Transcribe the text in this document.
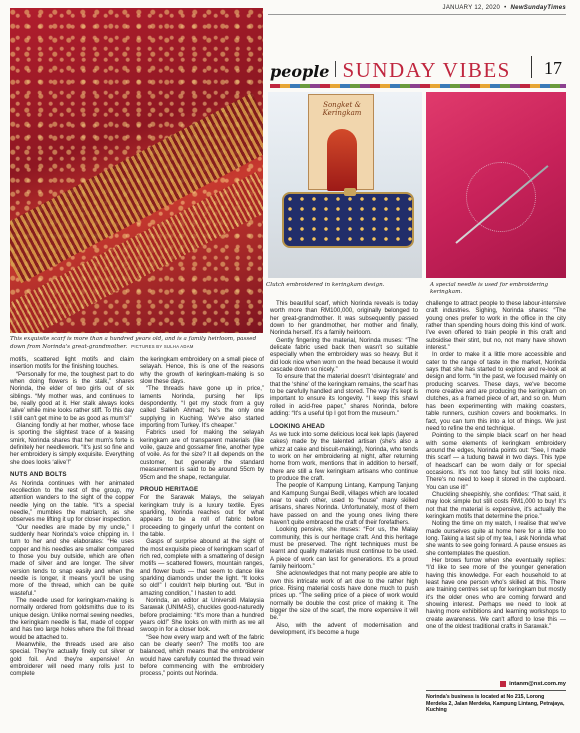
JANUARY 12, 2020 • NewSundayTimes
people SUNDAY VIBES 17
Songket & Keringkam
Clutch embroidered in keringkam design.	A special needle is used for embroidering keringkam.
This exquisite scarf is more than a hundred years old, and is a family heirloom, passed down from Norinda's great-grandmother. PICTURES BY SULHA ADAM

motifs, scattered light motifs and claim insertion motifs for the finishing touches.

“Personally for me, the toughest part to do when doing flowers is the stalk,” shares Norinda, the elder of two girls out of six siblings. “My mother was, and continues to be, really good at it. Her stalk always looks ‘alive’ while mine looks rather stiff. To this day I still can't get mine to be as good as mum's!”

Glancing fondly at her mother, whose face is sporting the slightest trace of a teasing smirk, Norinda shares that her mum's forte is definitely her needlework. “It's just so fine and her embroidery is simply exquisite. Everything she does looks ‘alive’!”

NUTS AND BOLTS

As Norinda continues with her animated recollection to the rest of the group, my attention wanders to the sight of the copper needle lying on the table. “It's a special needle,” mumbles the matriarch, as she observes me lifting it up for closer inspection.

“Our needles are made by my uncle,” I suddenly hear Norinda's voice chipping in. I turn to her and she elaborates: “He uses copper and his needles are smaller compared to those you buy outside, which are often made of silver and are longer. The silver version tends to snap easily and when the needle is longer, it means you'll be using more of the thread, which can be quite wasteful.”

The needle used for keringkam-making is normally ordered from goldsmiths due to its unique design. Unlike normal sewing needles, the keringkam needle is flat, made of copper and has two large holes where the foil thread would be attached to.

Meanwhile, the threads used are also special. They're actually finely cut silver or gold foil. And they're expensive! An embroiderer will need many rolls just to complete

the keringkam embroidery on a small piece of selayah. Hence, this is one of the reasons why the growth of keringkam-making is so slow these days.

“The threads have gone up in price,” laments Norinda, pursing her lips despondently. “I get my stock from a guy called Sallieh Ahmad; he's the only one supplying in Kuching. We've also started importing from Turkey. It's cheaper.”

Fabrics used for making the selayah keringkam are of transparent materials (like voile, gauze and gossamer fine, another type of voile. As for the size? It all depends on the customer, but generally the standard measurement is said to be around 55cm by 95cm and the shape, rectangular.

PROUD HERITAGE

For the Sarawak Malays, the selayah keringkam truly is a luxury textile. Eyes sparkling, Norinda reaches out for what appears to be a roll of fabric before proceeding to gingerly unfurl the content on the table.

Gasps of surprise abound at the sight of the most exquisite piece of keringkam scarf of rich red, complete with a smattering of design motifs — scattered flowers, mountain ranges, and flower buds — that seem to dance like sparkling diamonds under the light. “It looks so old!” I couldn't help blurting out. “But in amazing condition,” I hasten to add.

Norinda, an editor at Universiti Malaysia Sarawak (UNIMAS), chuckles good-naturedly before proclaiming: “It's more than a hundred years old!” She looks on with mirth as we all swoop in for a closer look.

“See how every warp and weft of the fabric can be clearly seen? The motifs too are balanced, which means that the embroiderer would have carefully counted the thread vein before commencing with the embroidery process,” points out Norinda.

This beautiful scarf, which Norinda reveals is today worth more than RM100,000, originally belonged to her great-grandmother. It was subsequently passed down to her grandmother, her mother and finally, Norinda herself. It's a family heirloom.

Gently fingering the material, Norinda muses: “The delicate fabric used back then wasn't so suitable especially when the embroidery was so heavy. But it did look nice when worn on the head because it would cascade down so nicely.”

To ensure that the material doesn't ‘disintegrate’ and that the ‘shine’ of the keringkam remains, the scarf has to be carefully handled and stored. The way it's kept is important to ensure its longevity. “I keep this shawl rolled in acid-free paper,” shares Norinda, before adding: “It's a useful tip I got from the museum.”

LOOKING AHEAD

As we tuck into some delicious local kek lapis (layered cakes) made by the talented artisan (she's also a whizz at cake and biscuit-making), Norinda, who tends to work on her embroidering at night, after returning home from work, mentions that in addition to herself, there are still a few keringkam artisans who continue to produce the craft.

The people of Kampung Lintang, Kampung Tanjung and Kampung Sungai Bedil, villages which are located near to each other, used to “house” many skilled artisans, shares Norinda. Unfortunately, most of them have passed on and the young ones living there haven't quite embraced the craft of their forefathers.

Looking pensive, she muses: “For us, the Malay community, this is our heritage craft. And this heritage must be preserved. The right techniques must be learnt and quality materials must continue to be used. A piece of work can last for generations. It's a proud family heirloom.”

She acknowledges that not many people are able to own this intricate work of art due to the rather high price. Rising material costs have done much to push prices up. “The selling price of a piece of work would normally be double the cost price of making it. The bigger the size of the scarf, the more expensive it will be.”

Also, with the advent of modernisation and development, it's become a huge

challenge to attract people to these labour-intensive craft industries. Sighing, Norinda shares: “The young ones prefer to work in the office in the city rather than spending hours doing this kind of work. I've even offered to train people in this craft and subsidise their stint, but no, not many have shown interest.”

In order to make it a little more accessible and cater to the range of taste in the market, Norinda says that she has started to explore and re-look at design and form. “In the past, we focused mainly on producing scarves. These days, we've become more creative and are producing the keringkam on clutches, as a framed piece of art, and so on. Mum has been experimenting with making coasters, table runners, cushion covers and bookmarks. In fact, you can turn this into a lot of things. We just need to refine the end technique.

Pointing to the simple black scarf on her head with some elements of keringkam embroidery around the edges, Norinda points out: “See, I made this scarf — a tudung bawal in two days. This type of headscarf can be worn daily or for special occasions. It's not too fancy but still looks nice. There's no need to keep it stored in the cupboard. You can use it!”

Chuckling sheepishly, she confides: “That said, it may look simple but still costs RM1,000 to buy! It's not that the material is expensive, it's actually the keringkam motifs that determine the price.”

Noting the time on my watch, I realise that we've made ourselves quite at home here for a little too long. Taking a last sip of my tea, I ask Norinda what she wants to see going forward. A pause ensues as she contemplates the question.

Her brows furrow when she eventually replies: “I'd like to see more of the younger generation having this knowledge. For each household to at least have one person who's skilled at this. There are training centres set up for keringkam but mostly it's the older ones who are coming forward and showing interest. Perhaps we need to look at having more exhibitions and learning workshops to create awareness. We can't afford to lose this — one of the oldest traditional crafts in Sarawak.”

intanm@nst.com.my
Norinda's business is located at No 215, Lorong Merdeka 2, Jalan Merdeka, Kampung Lintang, Petrajaya, Kuching
